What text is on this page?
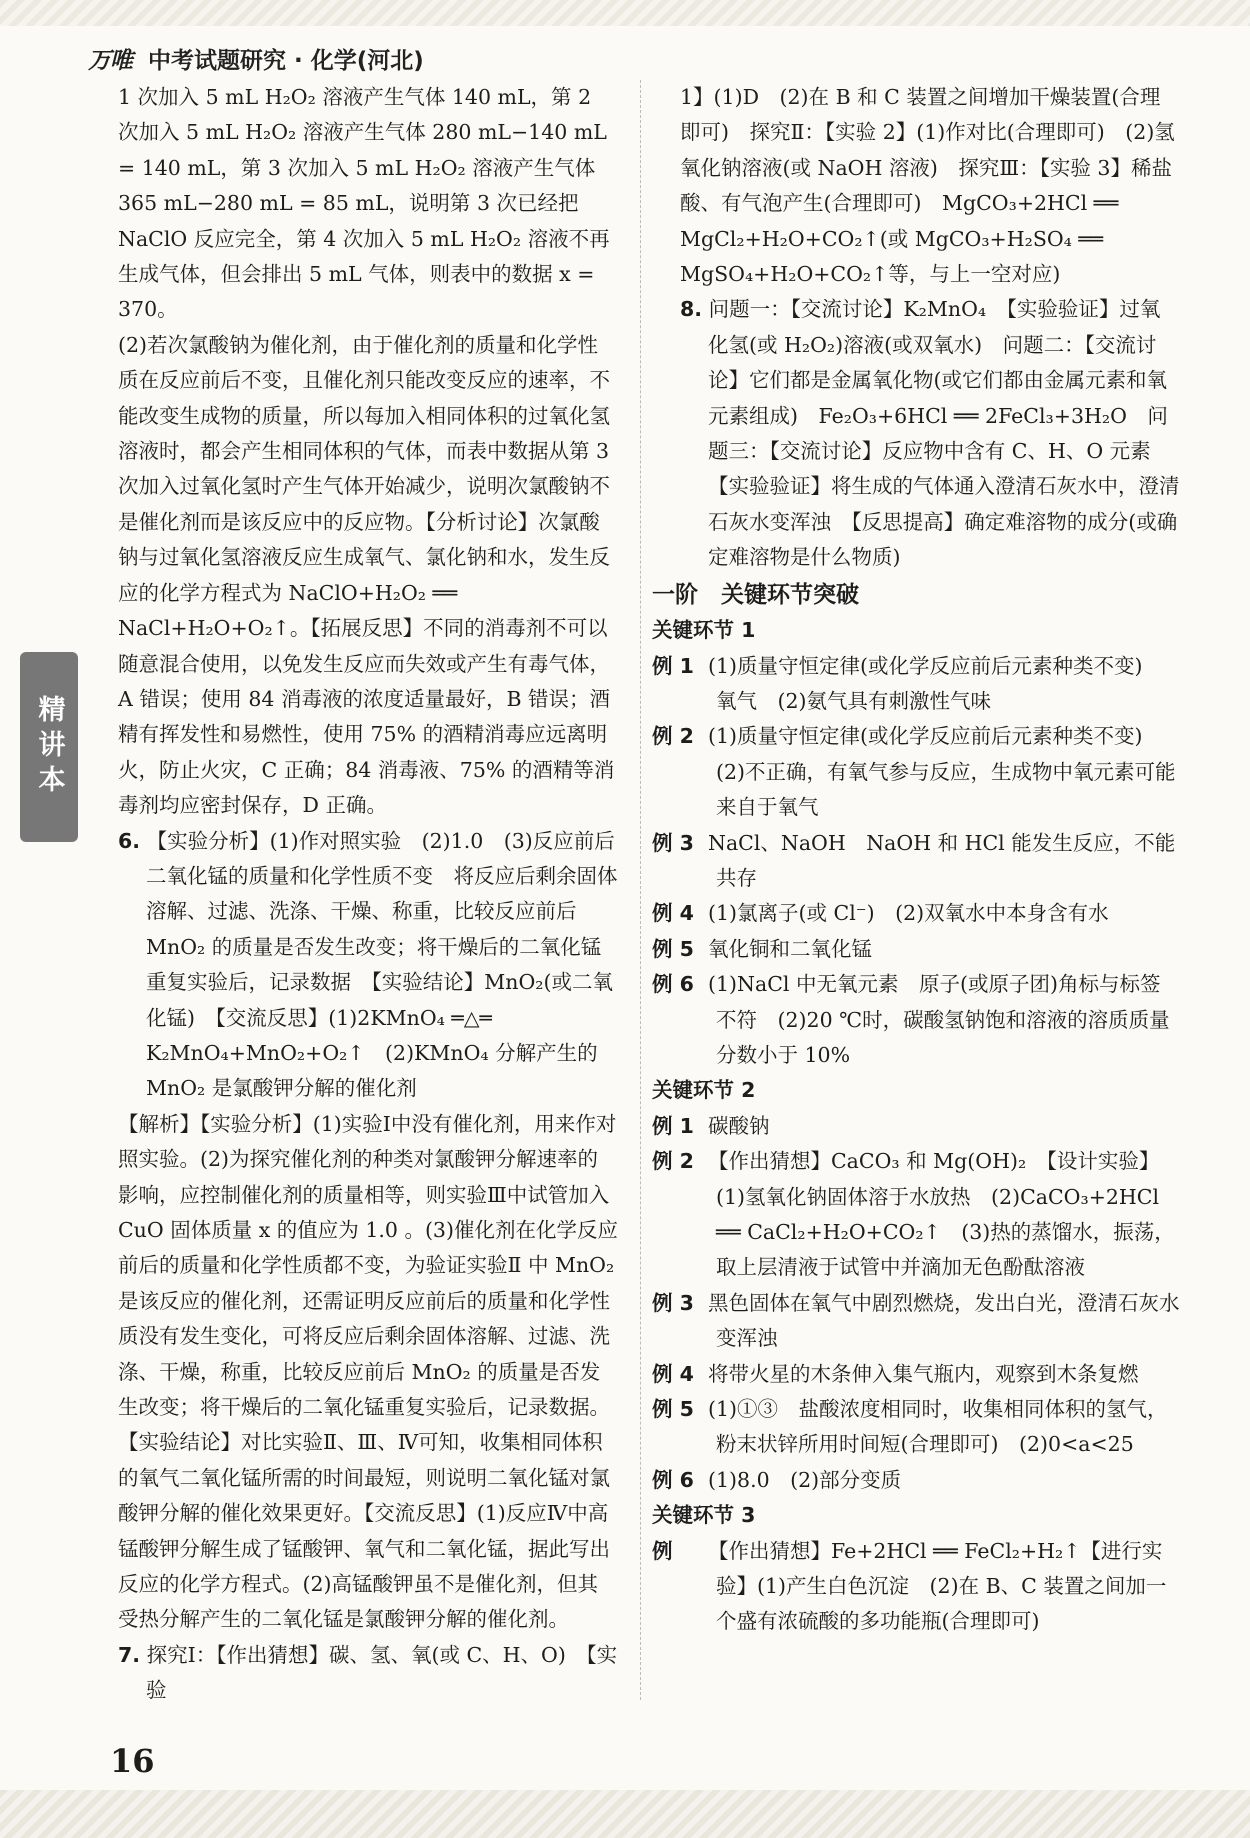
万唯 中考试题研究 · 化学(河北)
精讲本

1 次加入 5 mL H₂O₂ 溶液产生气体 140 mL，第 2 次加入 5 mL H₂O₂ 溶液产生气体 280 mL−140 mL = 140 mL，第 3 次加入 5 mL H₂O₂ 溶液产生气体 365 mL−280 mL = 85 mL，说明第 3 次已经把 NaClO 反应完全，第 4 次加入 5 mL H₂O₂ 溶液不再生成气体，但会排出 5 mL 气体，则表中的数据 x = 370。

(2)若次氯酸钠为催化剂，由于催化剂的质量和化学性质在反应前后不变，且催化剂只能改变反应的速率，不能改变生成物的质量，所以每加入相同体积的过氧化氢溶液时，都会产生相同体积的气体，而表中数据从第 3 次加入过氧化氢时产生气体开始减少，说明次氯酸钠不是催化剂而是该反应中的反应物。【分析讨论】次氯酸钠与过氧化氢溶液反应生成氧气、氯化钠和水，发生反应的化学方程式为 NaClO+H₂O₂ ══ NaCl+H₂O+O₂↑。【拓展反思】不同的消毒剂不可以随意混合使用，以免发生反应而失效或产生有毒气体，A 错误；使用 84 消毒液的浓度适量最好，B 错误；酒精有挥发性和易燃性，使用 75% 的酒精消毒应远离明火，防止火灾，C 正确；84 消毒液、75% 的酒精等消毒剂均应密封保存，D 正确。

6. 【实验分析】(1)作对照实验　(2)1.0　(3)反应前后二氧化锰的质量和化学性质不变　将反应后剩余固体溶解、过滤、洗涤、干燥、称重，比较反应前后 MnO₂ 的质量是否发生改变；将干燥后的二氧化锰重复实验后，记录数据　【实验结论】MnO₂(或二氧化锰)　【交流反思】(1)2KMnO₄ ═△═ K₂MnO₄+MnO₂+O₂↑　(2)KMnO₄ 分解产生的 MnO₂ 是氯酸钾分解的催化剂

【解析】【实验分析】(1)实验Ⅰ中没有催化剂，用来作对照实验。(2)为探究催化剂的种类对氯酸钾分解速率的影响，应控制催化剂的质量相等，则实验Ⅲ中试管加入 CuO 固体质量 x 的值应为 1.0 。(3)催化剂在化学反应前后的质量和化学性质都不变，为验证实验Ⅱ 中 MnO₂ 是该反应的催化剂，还需证明反应前后的质量和化学性质没有发生变化，可将反应后剩余固体溶解、过滤、洗涤、干燥，称重，比较反应前后 MnO₂ 的质量是否发生改变；将干燥后的二氧化锰重复实验后，记录数据。【实验结论】对比实验Ⅱ、Ⅲ、Ⅳ可知，收集相同体积的氧气二氧化锰所需的时间最短，则说明二氧化锰对氯酸钾分解的催化效果更好。【交流反思】(1)反应Ⅳ中高锰酸钾分解生成了锰酸钾、氧气和二氧化锰，据此写出反应的化学方程式。(2)高锰酸钾虽不是催化剂，但其受热分解产生的二氧化锰是氯酸钾分解的催化剂。

7. 探究Ⅰ：【作出猜想】碳、氢、氧(或 C、H、O)　【实验

1】(1)D　(2)在 B 和 C 装置之间增加干燥装置(合理即可)　探究Ⅱ：【实验 2】(1)作对比(合理即可)　(2)氢氧化钠溶液(或 NaOH 溶液)　探究Ⅲ：【实验 3】稀盐酸、有气泡产生(合理即可)　MgCO₃+2HCl ══ MgCl₂+H₂O+CO₂↑(或 MgCO₃+H₂SO₄ ══ MgSO₄+H₂O+CO₂↑等，与上一空对应)

8. 问题一：【交流讨论】K₂MnO₄　【实验验证】过氧化氢(或 H₂O₂)溶液(或双氧水)　问题二：【交流讨论】它们都是金属氧化物(或它们都由金属元素和氧元素组成)　Fe₂O₃+6HCl ══ 2FeCl₃+3H₂O　问题三：【交流讨论】反应物中含有 C、H、O 元素　【实验验证】将生成的气体通入澄清石灰水中，澄清石灰水变浑浊　【反思提高】确定难溶物的成分(或确定难溶物是什么物质)

一阶　关键环节突破

关键环节 1

例 1 (1)质量守恒定律(或化学反应前后元素种类不变)　氧气　(2)氨气具有刺激性气味

例 2 (1)质量守恒定律(或化学反应前后元素种类不变)　(2)不正确，有氧气参与反应，生成物中氧元素可能来自于氧气

例 3 NaCl、NaOH　NaOH 和 HCl 能发生反应，不能共存

例 4 (1)氯离子(或 Cl⁻)　(2)双氧水中本身含有水

例 5 氧化铜和二氧化锰

例 6 (1)NaCl 中无氧元素　原子(或原子团)角标与标签不符　(2)20 ℃时，碳酸氢钠饱和溶液的溶质质量分数小于 10%

关键环节 2

例 1 碳酸钠

例 2 【作出猜想】CaCO₃ 和 Mg(OH)₂　【设计实验】(1)氢氧化钠固体溶于水放热　(2)CaCO₃+2HCl ══ CaCl₂+H₂O+CO₂↑　(3)热的蒸馏水，振荡，取上层清液于试管中并滴加无色酚酞溶液

例 3 黑色固体在氧气中剧烈燃烧，发出白光，澄清石灰水变浑浊

例 4 将带火星的木条伸入集气瓶内，观察到木条复燃

例 5 (1)①③　盐酸浓度相同时，收集相同体积的氢气，粉末状锌所用时间短(合理即可)　(2)0<a<25

例 6 (1)8.0　(2)部分变质

关键环节 3

例 【作出猜想】Fe+2HCl ══ FeCl₂+H₂↑【进行实验】(1)产生白色沉淀　(2)在 B、C 装置之间加一个盛有浓硫酸的多功能瓶(合理即可)

16
